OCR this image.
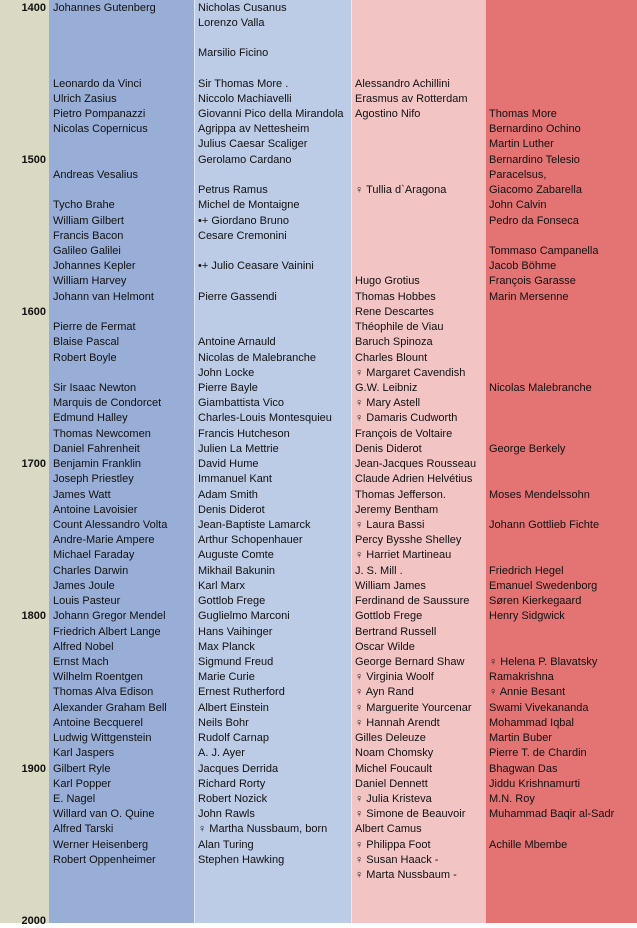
1400
1500
1600
1700
1800
1900
2000
Johannes Gutenberg
Leonardo da Vinci
Ulrich Zasius
Pietro Pompanazzi
Nicolas Copernicus
Andreas Vesalius
Tycho Brahe
William Gilbert
Francis Bacon
Galileo Galilei
Johannes Kepler
William Harvey
Johann van Helmont
Pierre de Fermat
Blaise Pascal
Robert Boyle
Sir Isaac Newton
Marquis de Condorcet
Edmund Halley
Thomas Newcomen
Daniel Fahrenheit
Benjamin Franklin
Joseph Priestley
James Watt
Antoine Lavoisier
Count Alessandro Volta
Andre-Marie Ampere
Michael Faraday
Charles Darwin
James Joule
Louis Pasteur
Johann Gregor Mendel
Friedrich Albert Lange
Alfred Nobel
Ernst Mach
Wilhelm Roentgen
Thomas Alva Edison
Alexander Graham Bell
Antoine Becquerel
Ludwig Wittgenstein
Karl Jaspers
Gilbert Ryle
Karl Popper
E. Nagel
Willard van O. Quine
Alfred Tarski
Werner Heisenberg
Robert Oppenheimer
Nicholas Cusanus
Lorenzo Valla
Marsilio Ficino
Sir Thomas More .
Niccolo Machiavelli
Giovanni Pico della Mirandola
Agrippa av Nettesheim
Julius Caesar Scaliger
Gerolamo Cardano
Petrus Ramus
Michel de Montaigne
•+ Giordano Bruno
Cesare Cremonini
•+ Julio Ceasare Vainini
Pierre Gassendi
Antoine Arnauld
Nicolas de Malebranche
John Locke
Pierre Bayle
Giambattista Vico
Charles-Louis Montesquieu
Francis Hutcheson
Julien La Mettrie
David Hume
Immanuel Kant
Adam Smith
Denis Diderot
Jean-Baptiste Lamarck
Arthur Schopenhauer
Auguste Comte
Mikhail Bakunin
Karl Marx
Gottlob Frege
Guglielmo Marconi
Hans Vaihinger
Max Planck
Sigmund Freud
Marie Curie
Ernest Rutherford
Albert Einstein
Neils Bohr
Rudolf Carnap
A. J. Ayer
Jacques Derrida
Richard Rorty
Robert Nozick
John Rawls
♀ Martha Nussbaum, born
Alan Turing
Stephen Hawking
Alessandro Achillini
Erasmus av Rotterdam
Agostino Nifo
♀ Tullia d`Aragona
Hugo Grotius
Thomas Hobbes
Rene Descartes
Théophile de Viau
Baruch Spinoza
Charles Blount
♀ Margaret Cavendish
G.W. Leibniz
♀ Mary Astell
♀ Damaris Cudworth
François de Voltaire
Denis Diderot
Jean-Jacques Rousseau
Claude Adrien Helvétius
Thomas Jefferson.
Jeremy Bentham
♀ Laura Bassi
Percy Bysshe Shelley
♀ Harriet Martineau
J. S. Mill .
William James
Ferdinand de Saussure
Gottlob Frege
Bertrand Russell
Oscar Wilde
George Bernard Shaw
♀ Virginia Woolf
♀ Ayn Rand
♀ Marguerite Yourcenar
♀ Hannah Arendt
Gilles Deleuze
Noam Chomsky
Michel Foucault
Daniel Dennett
♀ Julia Kristeva
♀ Simone de Beauvoir
Albert Camus
♀ Philippa Foot
♀ Susan Haack -
♀ Marta Nussbaum -
Thomas More
Bernardino Ochino
Martin Luther
Bernardino Telesio
Paracelsus,
Giacomo Zabarella
John Calvin
Pedro da Fonseca
Tommaso Campanella
Jacob Böhme
François Garasse
Marin Mersenne
Nicolas Malebranche
George Berkely
Moses Mendelssohn
Johann Gottlieb Fichte
Friedrich Hegel
Emanuel Swedenborg
Søren Kierkegaard
Henry Sidgwick
♀ Helena P. Blavatsky
Ramakrishna
♀ Annie Besant
Swami Vivekananda
Mohammad Iqbal
Martin Buber
Pierre T. de Chardin
Bhagwan Das
Jiddu Krishnamurti
M.N. Roy
Muhammad Baqir al-Sadr
Achille Mbembe
